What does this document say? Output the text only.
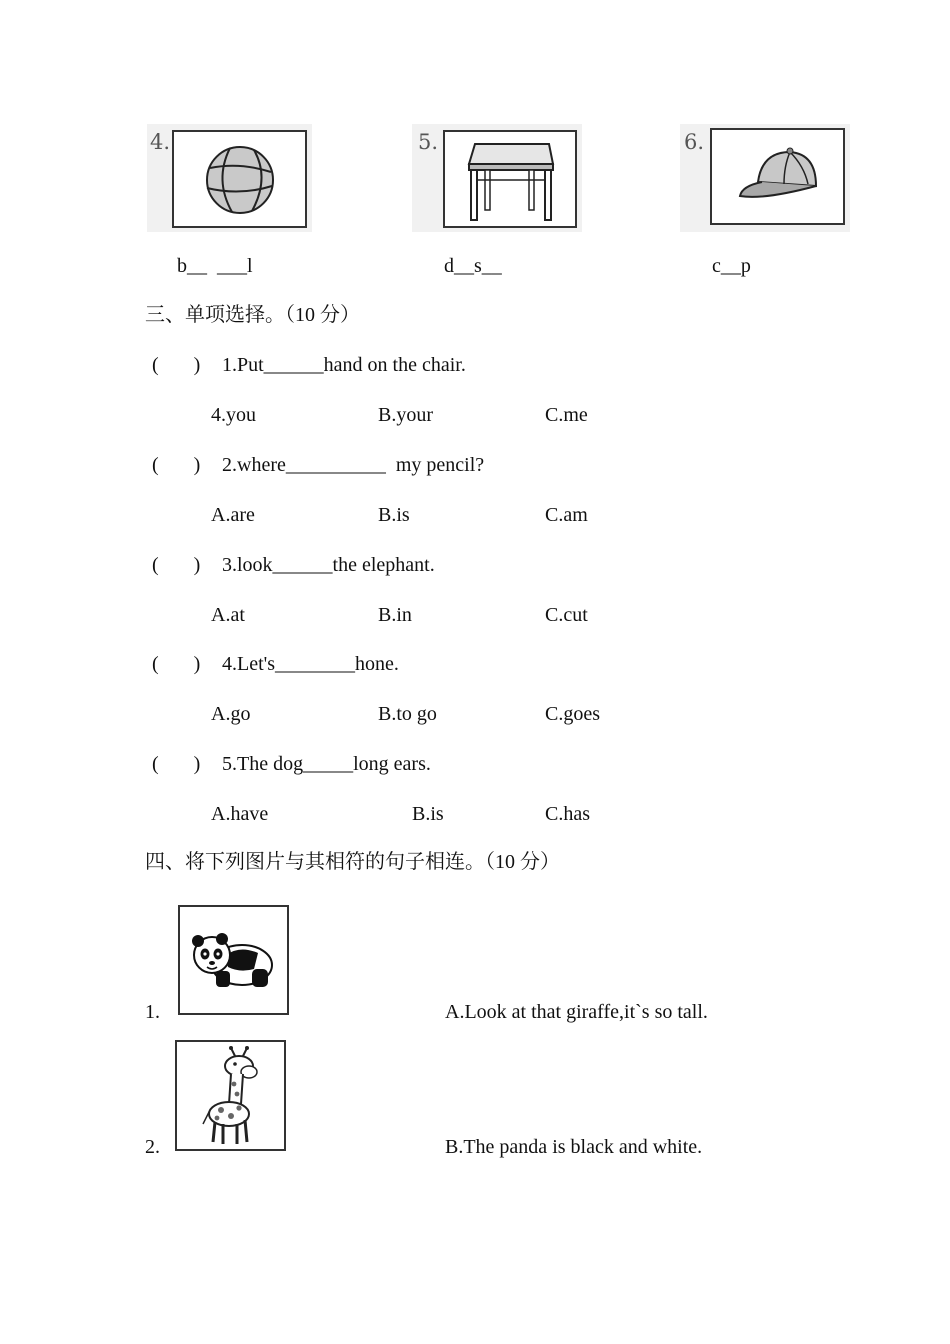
4.	5.	6.
b__  ___l	d__s__	c__p
三、单项选择。（10 分）
(       ) 1.Put______hand on the chair.
4.you	B.your	C.me
(       ) 2.where__________  my pencil?
A.are	B.is	C.am
(       ) 3.look______the elephant.
A.at	B.in	C.cut
(       ) 4.Let's________hone.
A.go	B.to go	C.goes
(       ) 5.The dog_____long ears.
A.have	B.is	C.has
四、将下列图片与其相符的句子相连。（10 分）
1.	A.Look at that giraffe,it`s so tall.
2.	B.The panda is black and white.
